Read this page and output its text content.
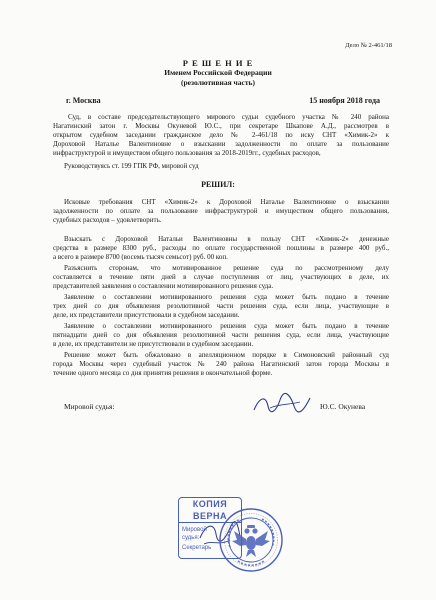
Дело № 2-461/18
Р Е Ш Е Н И Е
Именем Российской Федерации
(резолютивная часть)
г. Москва	15 ноября 2018 года
Суд, в составе председательствующего мирового судьи судебного участка № 240 района
Нагатинский затон г. Москвы Окуневой Ю.С., при секретаре Шкапове А.Д., рассмотрев в
открытом судебном заседании гражданское дело № 2-461/18 по иску СНТ «Химик-2» к
Дороховой Наталье Валентиновне о взыскании задолженности по оплате за пользование
инфраструктурой и имуществом общего пользования за 2018-2019гг., судебных расходов,
Руководствуясь ст. 199 ГПК РФ, мировой суд
РЕШИЛ:
Исковые требования СНТ «Химик-2» к Дороховой Наталье Валентиновне о взыскании
задолженности по оплате за пользование инфраструктурой и имуществом общего пользования,
судебных расходов – удовлетворить.
Взыскать с Дороховой Натальи Валентиновны в пользу СНТ «Химик-2» денежные
средства в размере 8300 руб., расходы по оплате государственной пошлины в размере 400 руб.,
а всего в размере 8700 (восемь тысяч семьсот) руб. 00 коп.
Разъяснить сторонам, что мотивированное решение суда по рассмотренному делу
составляется в течение пяти дней в случае поступления от лиц, участвующих в деле, их
представителей заявления о составлении мотивированного решения суда.
Заявление о составлении мотивированного решения суда может быть подано в течение
трех дней со дня объявления резолютивной части решения суда, если лица, участвующие в
деле, их представители присутствовали в судебном заседании.
Заявление о составлении мотивированного решения суда может быть подано в течение
пятнадцати дней со дня объявления резолютивной части решения суда, если лица, участвующие
в деле, их представители не присутствовали в судебном заседании.
Решение может быть обжаловано в апелляционном порядке в Симоновский районный суд
города Москвы через судебный участок № 240 района Нагатинский затон города Москвы в
течение одного месяца со дня принятия решения в окончательной форме.
Мировой судья:	Ю.С. Окунева
КОПИЯ ВЕРНА
Мировой
судья:
Секретарь
